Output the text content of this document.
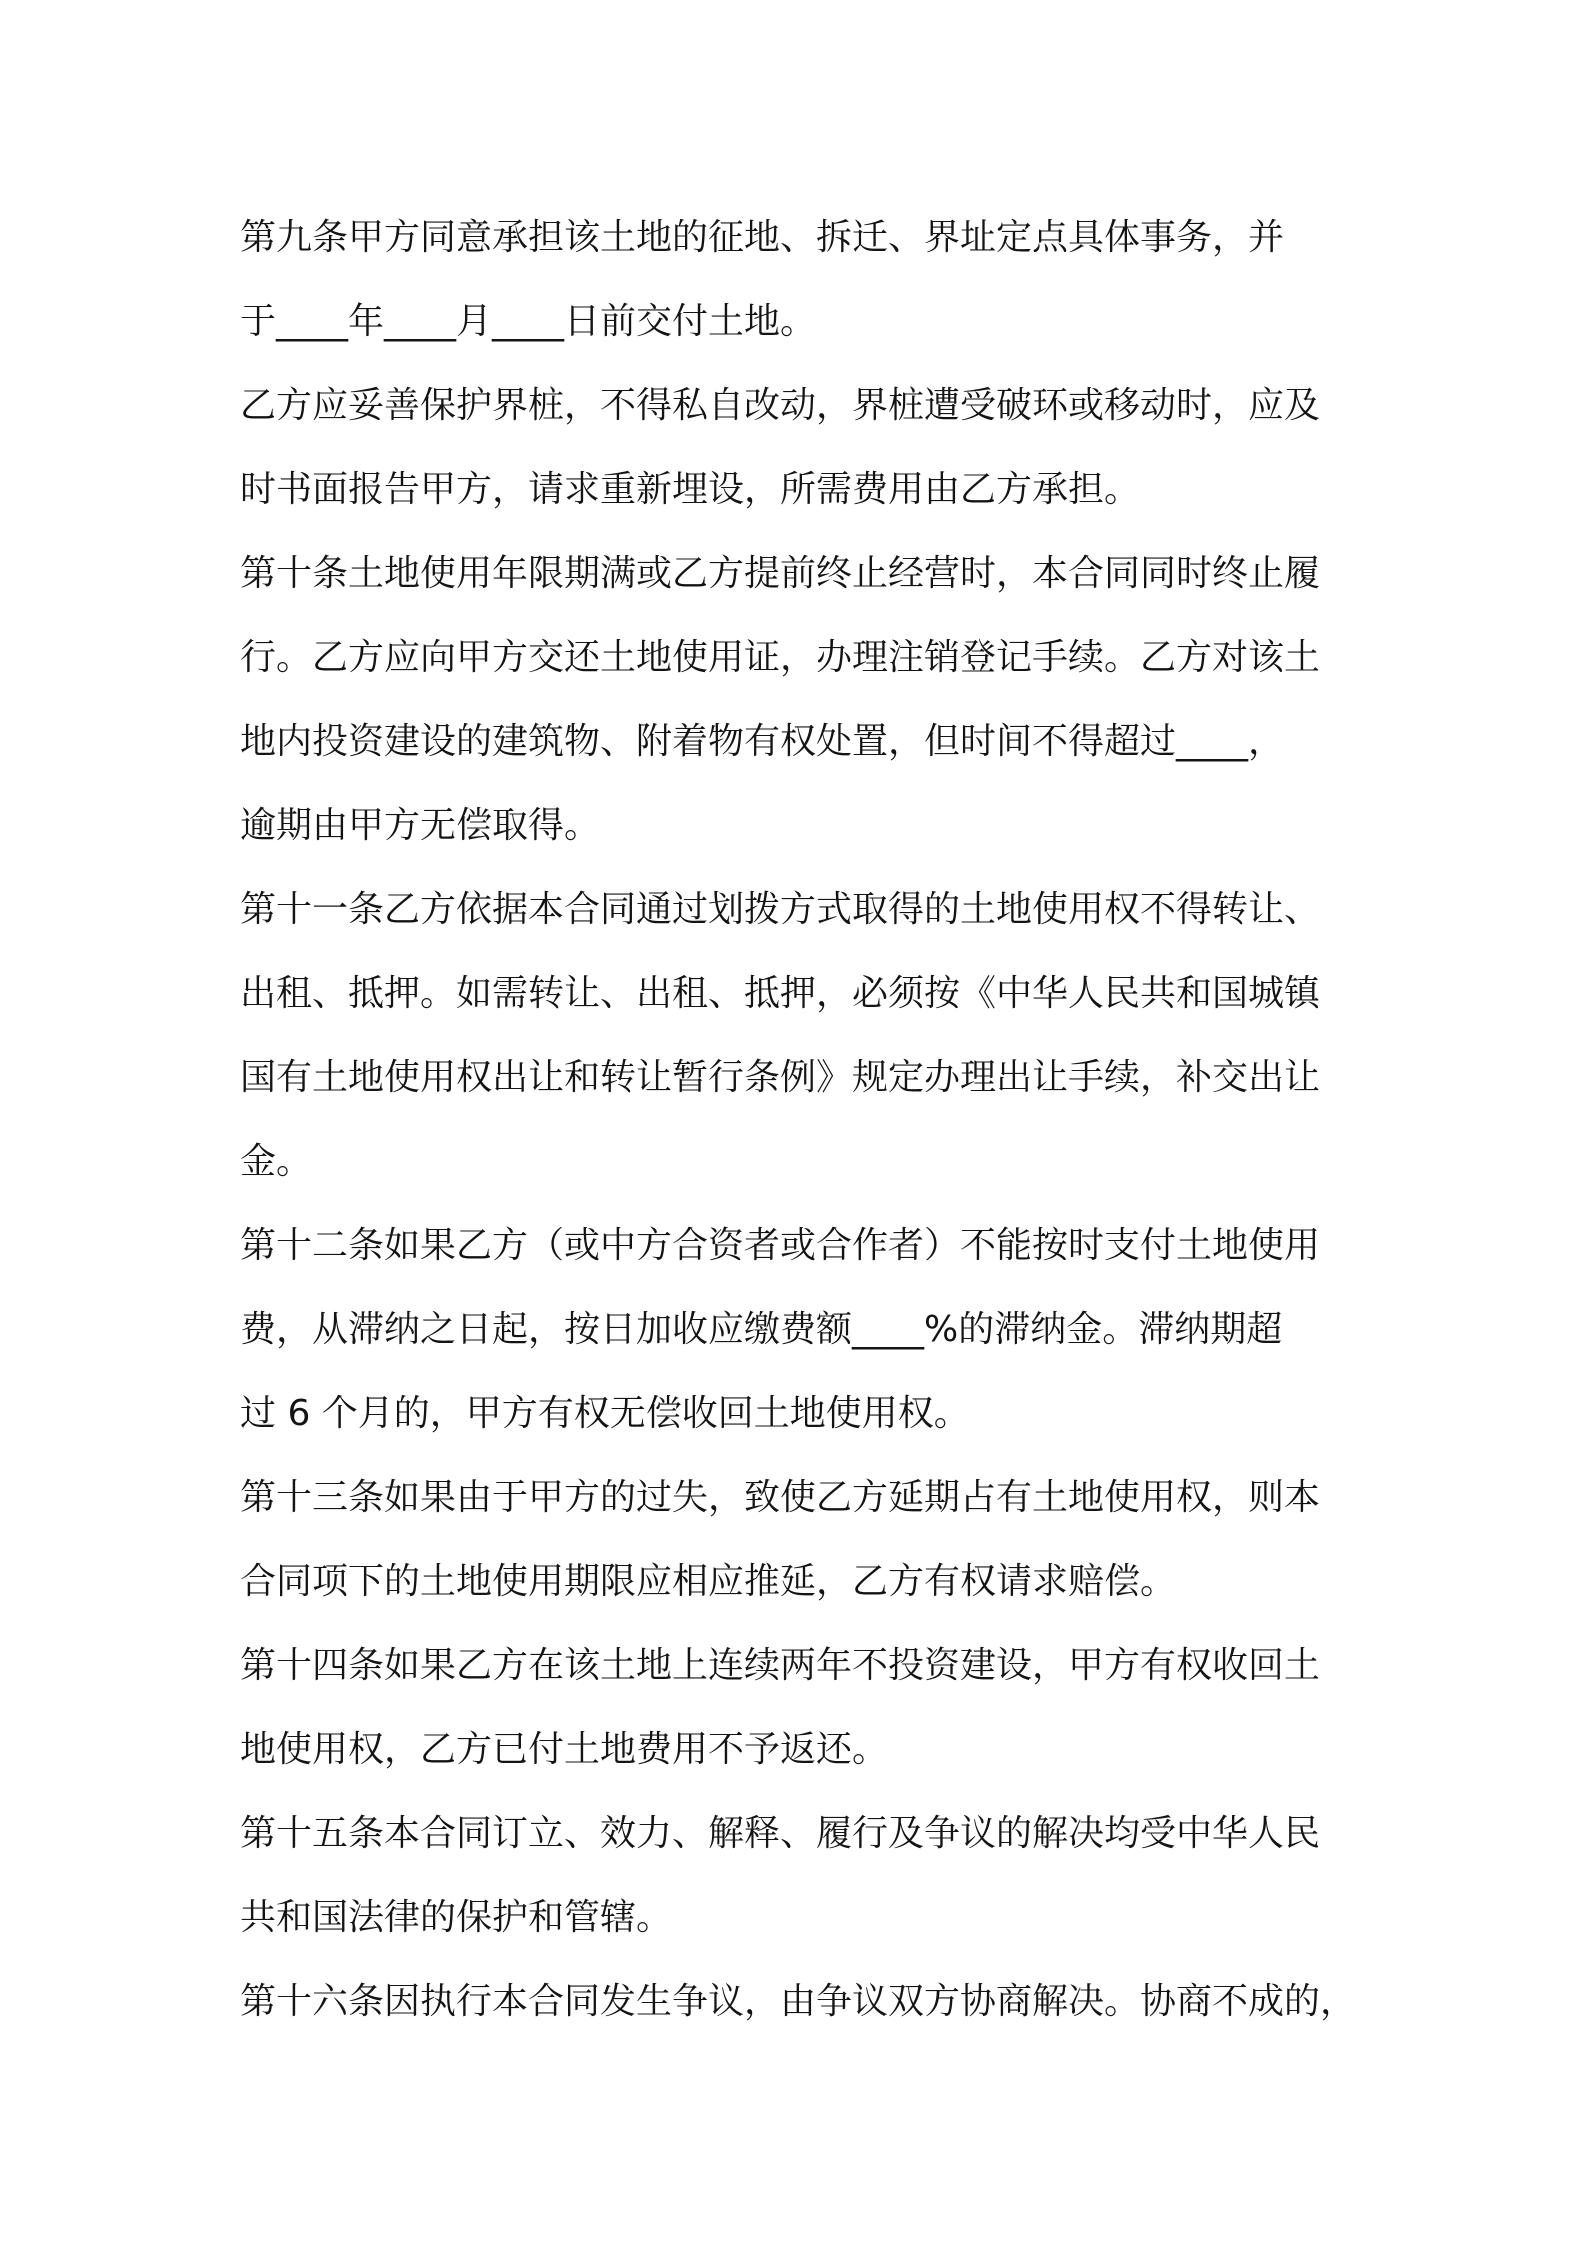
第九条甲方同意承担该土地的征地、拆迁、界址定点具体事务，并
于____年____月____日前交付土地。
乙方应妥善保护界桩，不得私自改动，界桩遭受破环或移动时，应及
时书面报告甲方，请求重新埋设，所需费用由乙方承担。
第十条土地使用年限期满或乙方提前终止经营时，本合同同时终止履
行。乙方应向甲方交还土地使用证，办理注销登记手续。乙方对该土
地内投资建设的建筑物、附着物有权处置，但时间不得超过____，
逾期由甲方无偿取得。
第十一条乙方依据本合同通过划拨方式取得的土地使用权不得转让、
出租、抵押。如需转让、出租、抵押，必须按《中华人民共和国城镇
国有土地使用权出让和转让暂行条例》规定办理出让手续，补交出让
金。
第十二条如果乙方（或中方合资者或合作者）不能按时支付土地使用
费，从滞纳之日起，按日加收应缴费额____%的滞纳金。滞纳期超
过 6 个月的，甲方有权无偿收回土地使用权。
第十三条如果由于甲方的过失，致使乙方延期占有土地使用权，则本
合同项下的土地使用期限应相应推延，乙方有权请求赔偿。
第十四条如果乙方在该土地上连续两年不投资建设，甲方有权收回土
地使用权，乙方已付土地费用不予返还。
第十五条本合同订立、效力、解释、履行及争议的解决均受中华人民
共和国法律的保护和管辖。
第十六条因执行本合同发生争议，由争议双方协商解决。协商不成的，
